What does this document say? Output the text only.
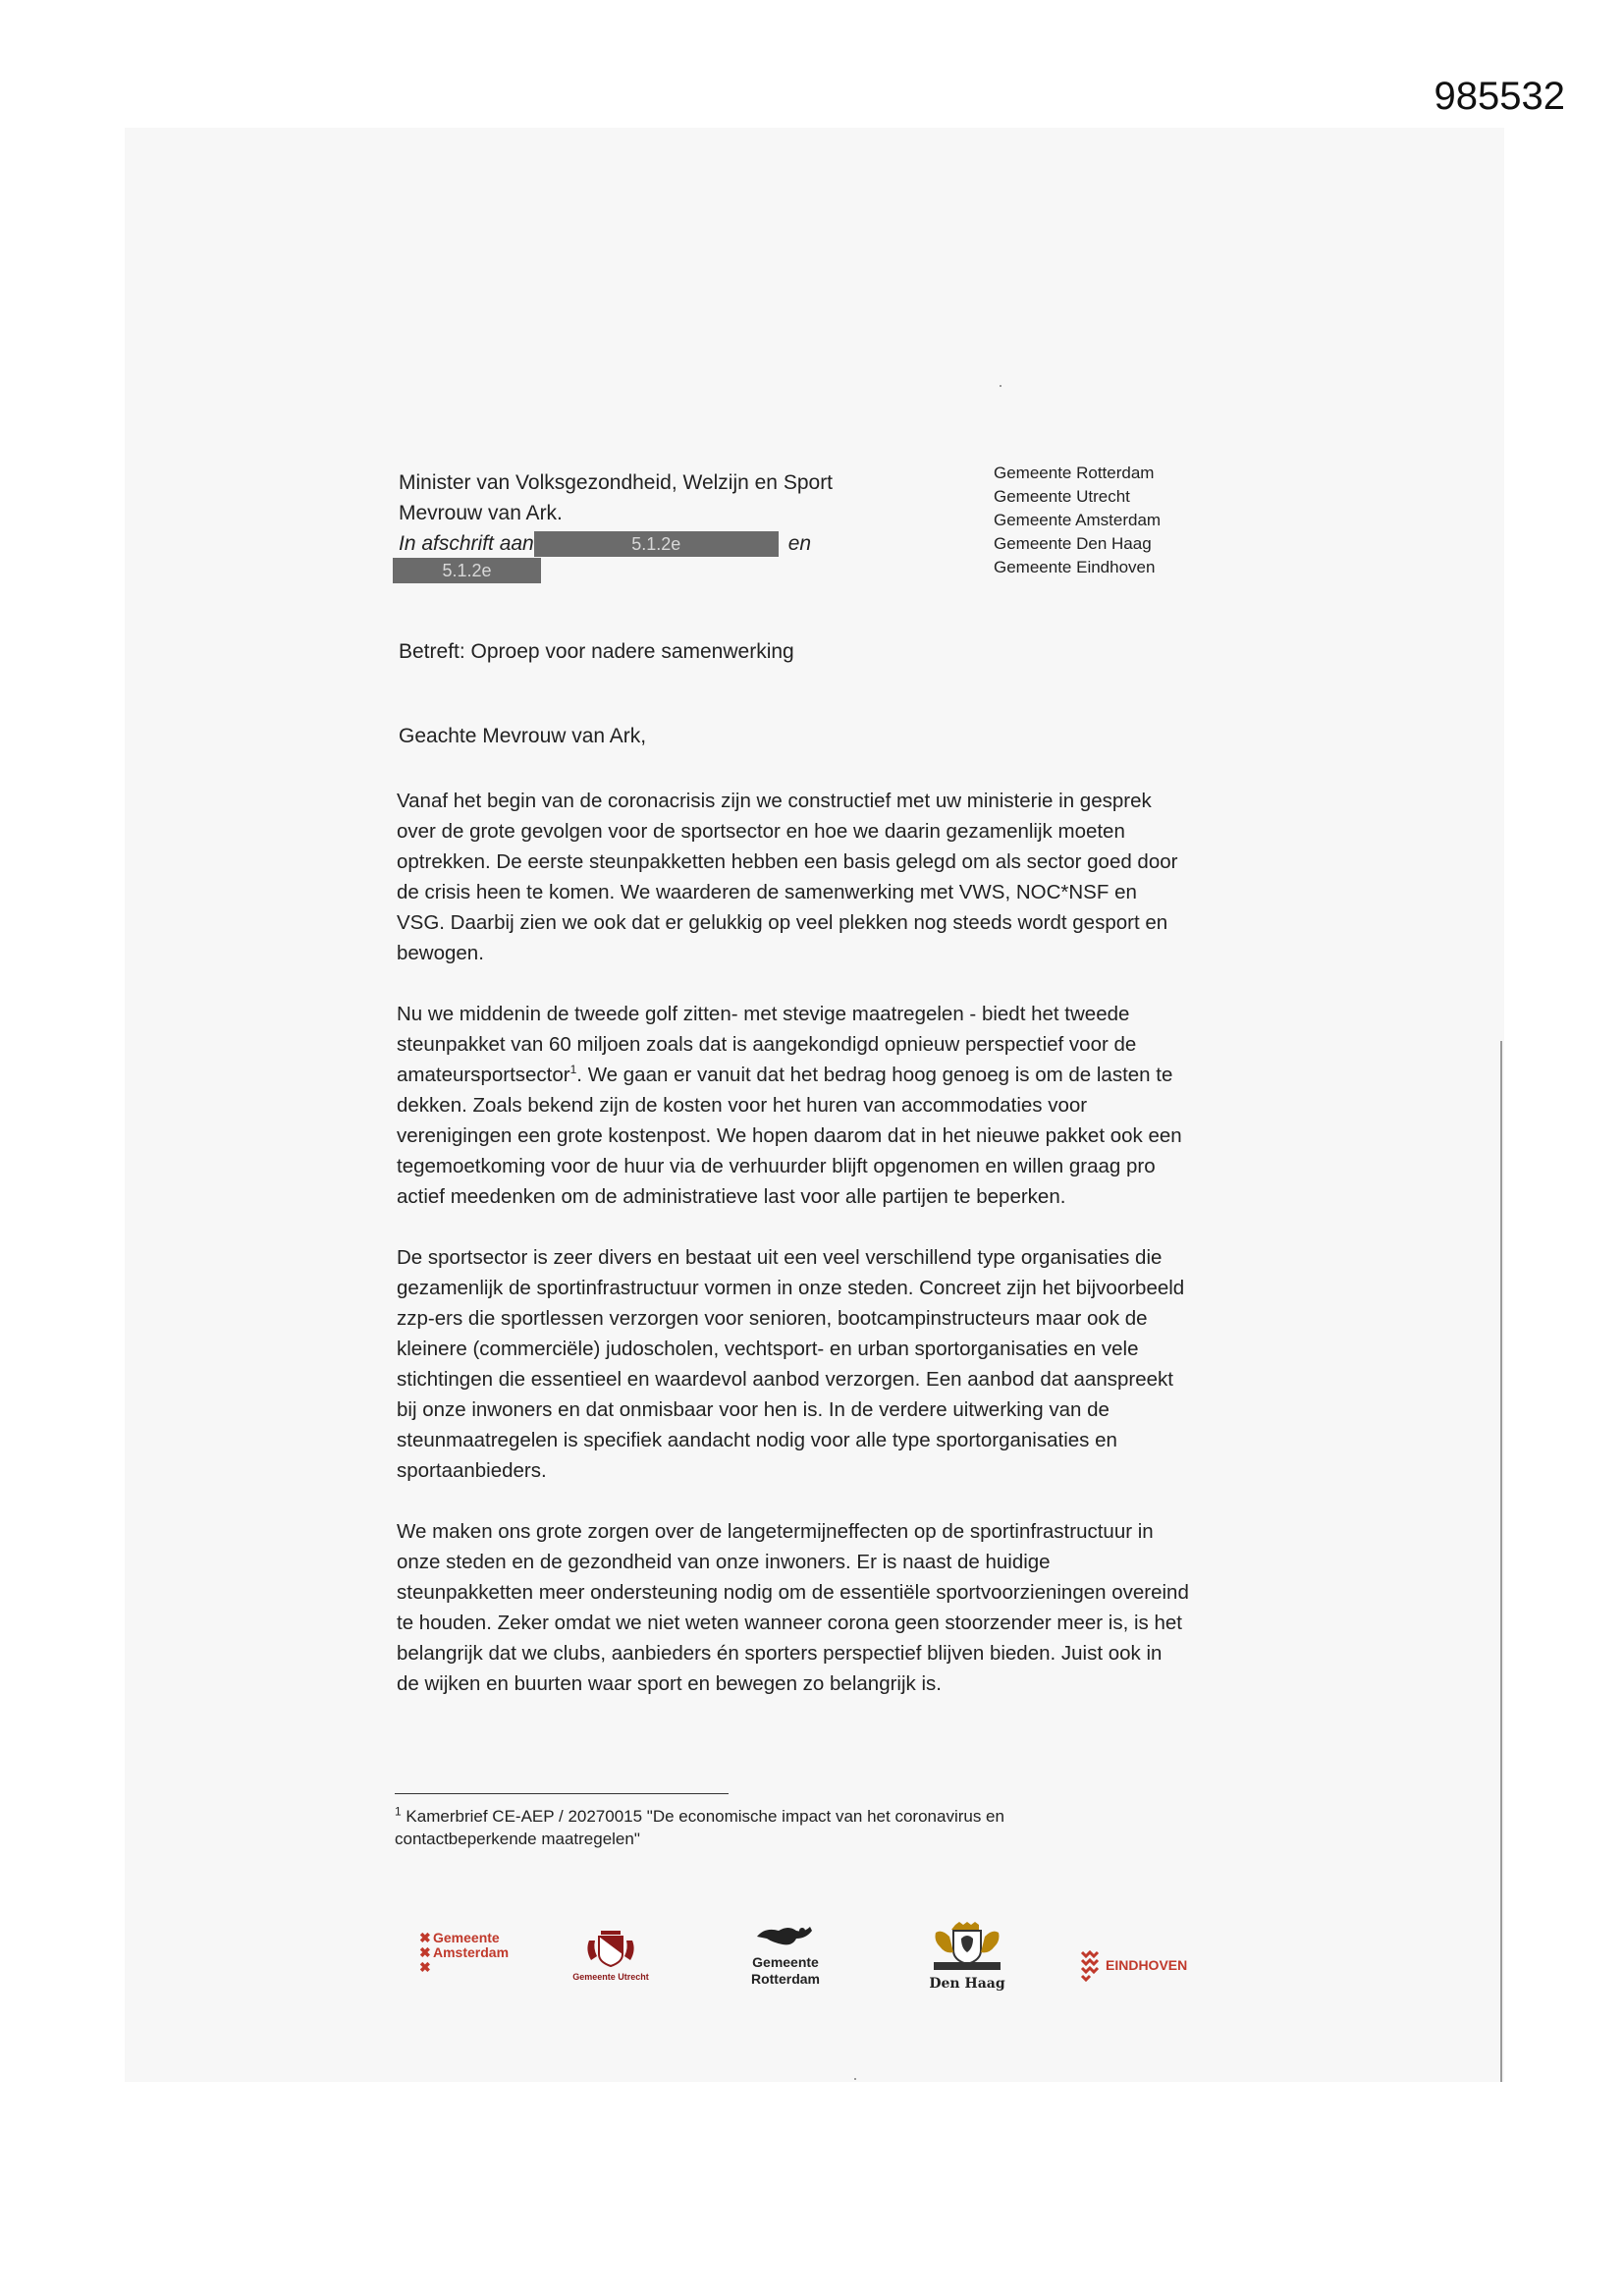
985532
Minister van Volksgezondheid, Welzijn en Sport
Mevrouw van Ark.
In afschrift aan	5.1.2e	en
5.1.2e
Gemeente Rotterdam
Gemeente Utrecht
Gemeente Amsterdam
Gemeente Den Haag
Gemeente Eindhoven
Betreft: Oproep voor nadere samenwerking
Geachte Mevrouw van Ark,
Vanaf het begin van de coronacrisis zijn we constructief met uw ministerie in gesprek
over de grote gevolgen voor de sportsector en hoe we daarin gezamenlijk moeten
optrekken. De eerste steunpakketten hebben een basis gelegd om als sector goed door
de crisis heen te komen. We waarderen de samenwerking met VWS, NOC*NSF en
VSG. Daarbij zien we ook dat er gelukkig op veel plekken nog steeds wordt gesport en
bewogen.
Nu we middenin de tweede golf zitten- met stevige maatregelen - biedt het tweede
steunpakket van 60 miljoen zoals dat is aangekondigd opnieuw perspectief voor de
amateursportsector$^1$. We gaan er vanuit dat het bedrag hoog genoeg is om de lasten te
dekken. Zoals bekend zijn de kosten voor het huren van accommodaties voor
verenigingen een grote kostenpost. We hopen daarom dat in het nieuwe pakket ook een
tegemoetkoming voor de huur via de verhuurder blijft opgenomen en willen graag pro
actief meedenken om de administratieve last voor alle partijen te beperken.
De sportsector is zeer divers en bestaat uit een veel verschillend type organisaties die
gezamenlijk de sportinfrastructuur vormen in onze steden. Concreet zijn het bijvoorbeeld
zzp-ers die sportlessen verzorgen voor senioren, bootcampinstructeurs maar ook de
kleinere (commerciële) judoscholen, vechtsport- en urban sportorganisaties en vele
stichtingen die essentieel en waardevol aanbod verzorgen. Een aanbod dat aanspreekt
bij onze inwoners en dat onmisbaar voor hen is. In de verdere uitwerking van de
steunmaatregelen is specifiek aandacht nodig voor alle type sportorganisaties en
sportaanbieders.
We maken ons grote zorgen over de langetermijneffecten op de sportinfrastructuur in
onze steden en de gezondheid van onze inwoners. Er is naast de huidige
steunpakketten meer ondersteuning nodig om de essentiële sportvoorzieningen overeind
te houden. Zeker omdat we niet weten wanneer corona geen stoorzender meer is, is het
belangrijk dat we clubs, aanbieders én sporters perspectief blijven bieden. Juist ook in
de wijken en buurten waar sport en bewegen zo belangrijk is.
$^1$ Kamerbrief CE-AEP / 20270015 "De economische impact van het coronavirus en
contactbeperkende maatregelen"
✖ Gemeente
✖ Amsterdam
✖
Gemeente Utrecht
Gemeente
Rotterdam	Den Haag
EINDHOVEN
